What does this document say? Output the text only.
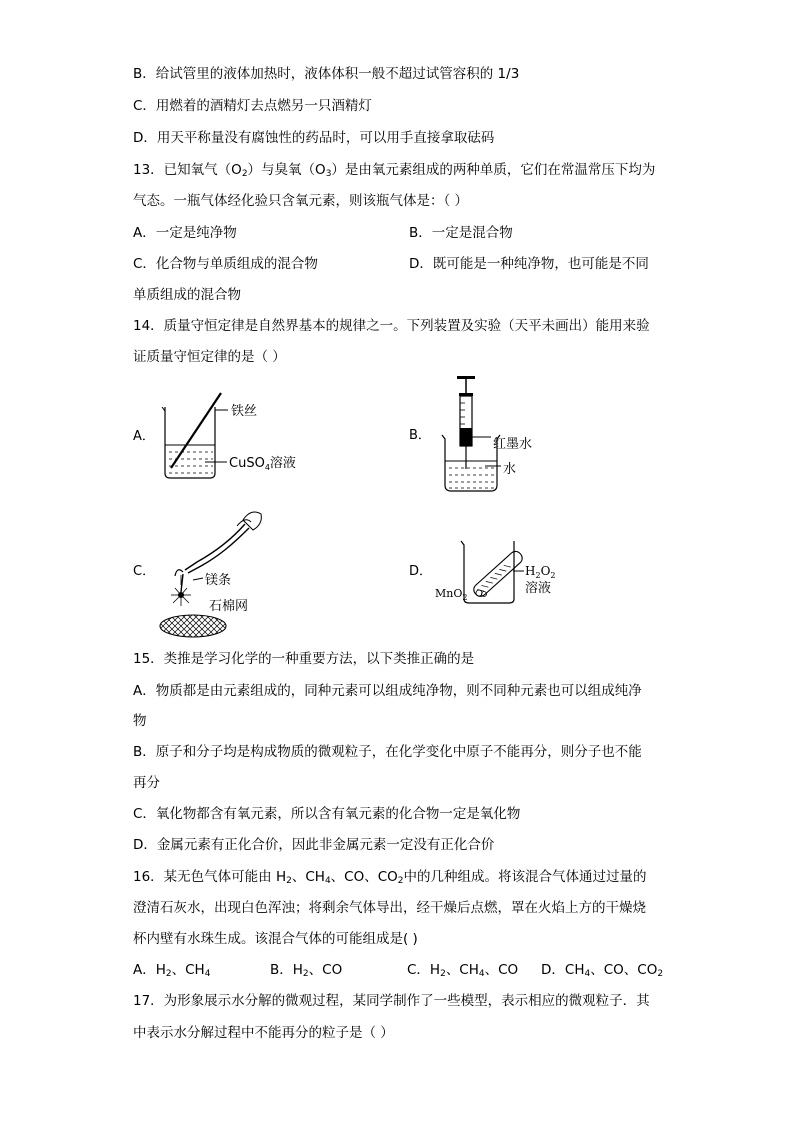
B．给试管里的液体加热时，液体体积一般不超过试管容积的 1/3
C．用燃着的酒精灯去点燃另一只酒精灯
D．用天平称量没有腐蚀性的药品时，可以用手直接拿取砝码
13．已知氧气$(O_2)$与臭氧$(O_3)$是由氧元素组成的两种单质，它们在常温常压下均为
气态。一瓶气体经化验只含氧元素，则该瓶气体是：（ ）
A．一定是纯净物	B．一定是混合物
C．化合物与单质组成的混合物	D．既可能是一种纯净物，也可能是不同
单质组成的混合物
14．质量守恒定律是自然界基本的规律之一。下列装置及实验（天平未画出）能用来验
证质量守恒定律的是（ ）
A．
铁丝
CuSO$_4$溶液
B．
红墨水
水
C．
镁条
石棉网
D．	$H_2O_2$
溶液
MnO$_2$
15．类推是学习化学的一种重要方法，以下类推正确的是
A．物质都是由元素组成的，同种元素可以组成纯净物，则不同种元素也可以组成纯净
物
B．原子和分子均是构成物质的微观粒子，在化学变化中原子不能再分，则分子也不能
再分
C．氧化物都含有氧元素，所以含有氧元素的化合物一定是氧化物
D．金属元素有正化合价，因此非金属元素一定没有正化合价
16．某无色气体可能由 $H_2$、$CH_4$、CO、$CO_2$中的几种组成。将该混合气体通过过量的
澄清石灰水，出现白色浑浊；将剩余气体导出，经干燥后点燃，罩在火焰上方的干燥烧
杯内壁有水珠生成。该混合气体的可能组成是( )
A．$H_2$、$CH_4$	B．$H_2$、CO	C．$H_2$、$CH_4$、CO D．$CH_4$、CO、$CO_2$
17．为形象展示水分解的微观过程，某同学制作了一些模型，表示相应的微观粒子．其
中表示水分解过程中不能再分的粒子是（ ）
